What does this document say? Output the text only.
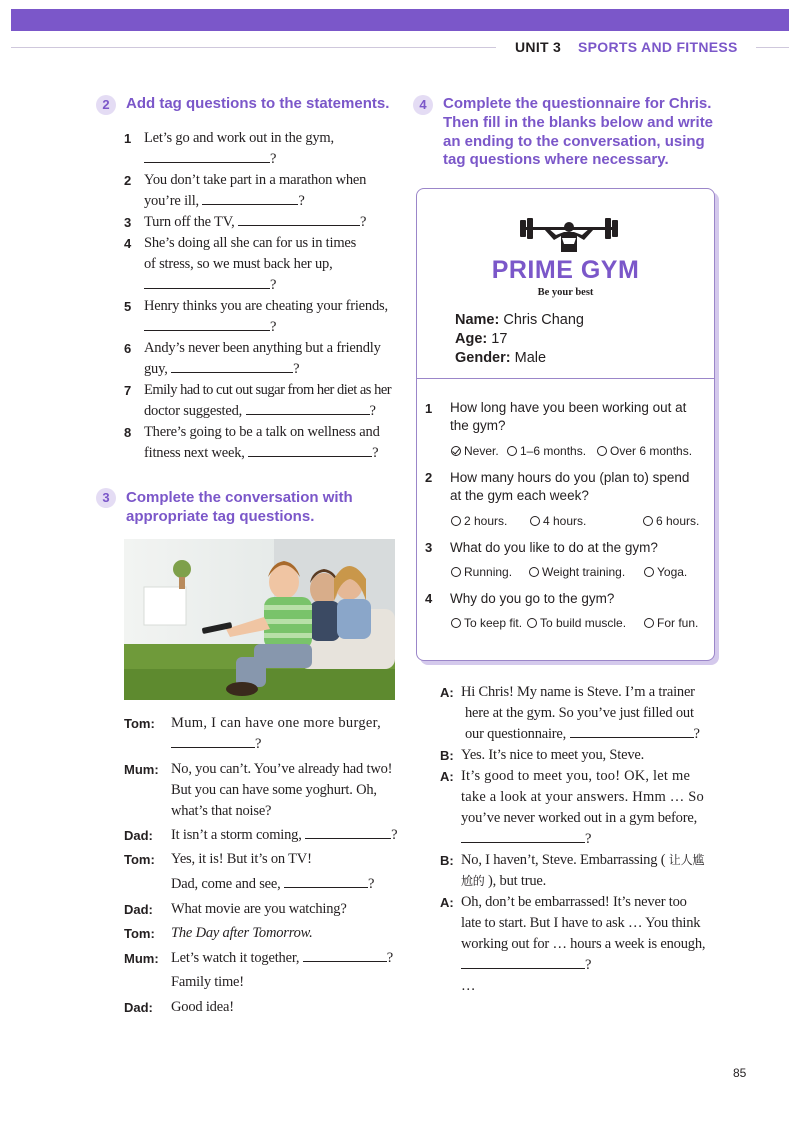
UNIT 3 SPORTS AND FITNESS
2	Add tag questions to the statements.
1 Let’s go and work out in the gym,
?
2 You don’t take part in a marathon when
you’re ill,	?
3 Turn off the TV,	?
4 She’s doing all she can for us in times
of stress, so we must back her up,
?
5 Henry thinks you are cheating your friends,
?
6 Andy’s never been anything but a friendly
guy,	?
7 Emily had to cut out sugar from her diet as her
doctor suggested,	?
8 There’s going to be a talk on wellness and
fitness next week,	?
3	Complete the conversation with
appropriate tag questions.
Tom: Mum, I can have one more burger,
?
Mum: No, you can’t. You’ve already had two!
But you can have some yoghurt. Oh,
what’s that noise?
Dad: It isn’t a storm coming,	?
Tom: Yes, it is! But it’s on TV!
Dad, come and see,	?
Dad: What movie are you watching?
Tom: The Day after Tomorrow.
Mum: Let’s watch it together,	?
Family time!
Dad: Good idea!
4	Complete the questionnaire for Chris.
Then fill in the blanks below and write
an ending to the conversation, using
tag questions where necessary.
PRIME GYM
Be your best
Name: Chris Chang
Age: 17
Gender: Male
1 How long have you been working out at
the gym?
Never.	1–6 months.	Over 6 months.
2 How many hours do you (plan to) spend
at the gym each week?
2 hours.	4 hours.	6 hours.
3 What do you like to do at the gym?
Running.	Weight training.	Yoga.
4 Why do you go to the gym?
To keep fit.	To build muscle.	For fun.
A: Hi Chris! My name is Steve. I’m a trainer
here at the gym. So you’ve just filled out
our questionnaire,	?
B: Yes. It’s nice to meet you, Steve.
A: It’s good to meet you, too! OK, let me
take a look at your answers. Hmm … So
you’ve never worked out in a gym before,
?
B: No, I haven’t, Steve. Embarrassing ( 让人尴
尬的 ), but true.
A: Oh, don’t be embarrassed! It’s never too
late to start. But I have to ask … You think
working out for … hours a week is enough,
?
…
85
